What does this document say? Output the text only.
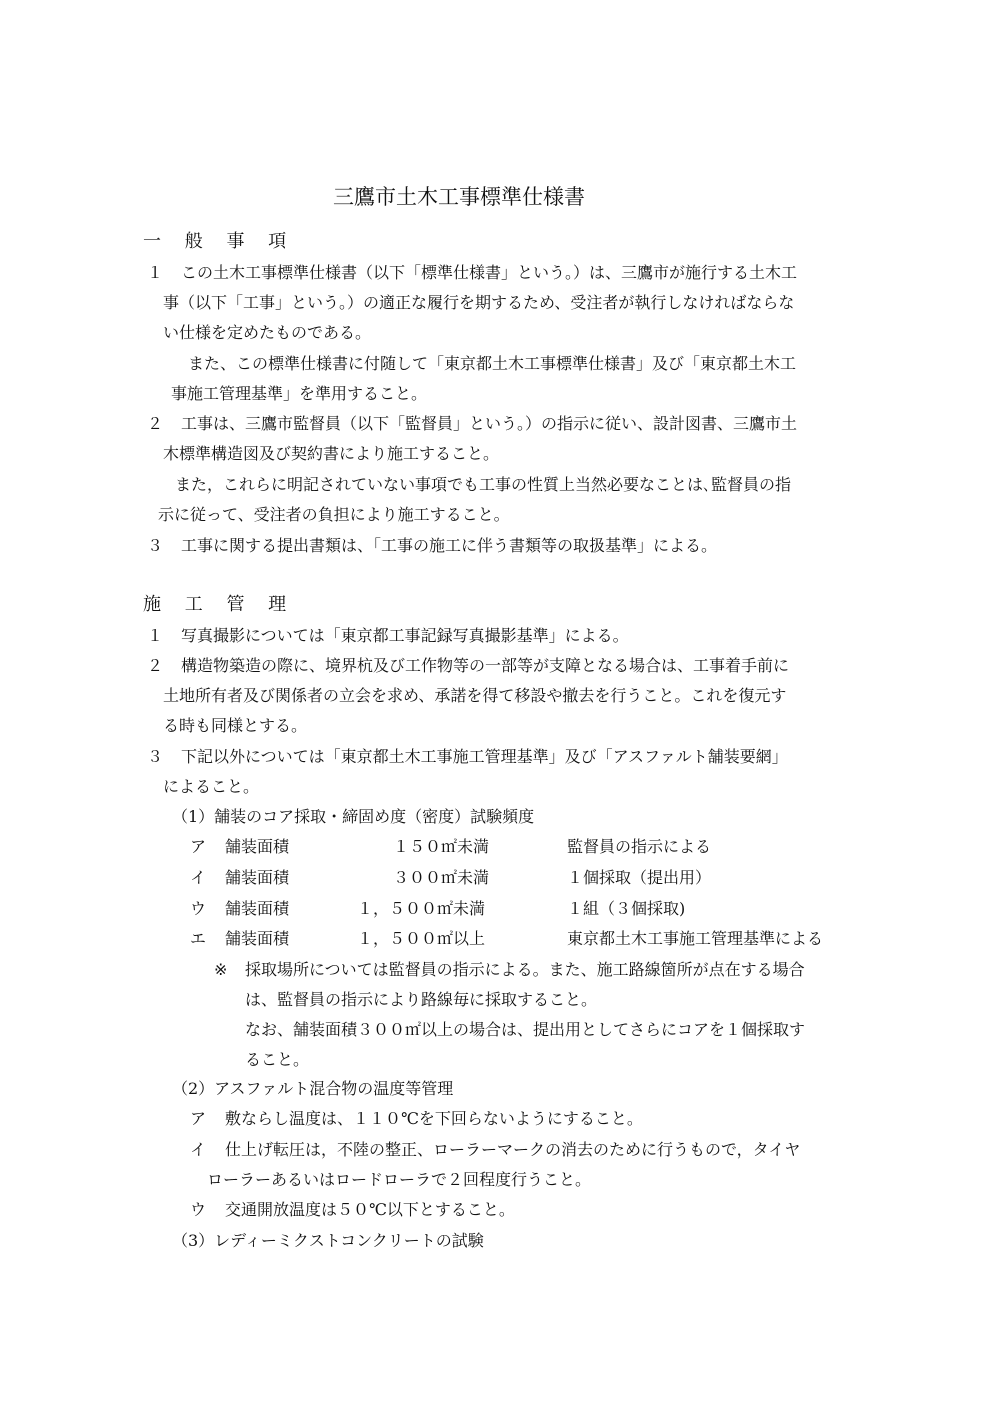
三鷹市土木工事標準仕様書
一 般 事 項
１ この土木工事標準仕様書（以下「標準仕様書」という。）は、三鷹市が施行する土木工
事（以下「工事」という。）の適正な履行を期するため、受注者が執行しなければならな
い仕様を定めたものである。
また、この標準仕様書に付随して「東京都土木工事標準仕様書」及び「東京都土木工
事施工管理基準」を準用すること。
２ 工事は、三鷹市監督員（以下「監督員」という。）の指示に従い、設計図書、三鷹市土
木標準構造図及び契約書により施工すること。
また，これらに明記されていない事項でも工事の性質上当然必要なことは､監督員の指
示に従って、受注者の負担により施工すること。
３ 工事に関する提出書類は、「工事の施工に伴う書類等の取扱基準」による。
施 工 管 理
１ 写真撮影については「東京都工事記録写真撮影基準」による。
２ 構造物築造の際に、境界杭及び工作物等の一部等が支障となる場合は、工事着手前に
土地所有者及び関係者の立会を求め、承諾を得て移設や撤去を行うこと。これを復元す
る時も同様とする。
３ 下記以外については「東京都土木工事施工管理基準」及び「アスファルト舗装要網」
によること。
（1）舗装のコア採取・締固め度（密度）試験頻度
ア 舗装面積	１５０㎡未満	監督員の指示による
イ 舗装面積	３００㎡未満	１個採取（提出用）
ウ 舗装面積	１，５００㎡未満	１組（３個採取)
エ 舗装面積	１，５００㎡以上	東京都土木工事施工管理基準による
※ 採取場所については監督員の指示による。また、施工路線箇所が点在する場合
は、監督員の指示により路線毎に採取すること。
なお、舗装面積３００㎡以上の場合は、提出用としてさらにコアを１個採取す
ること。
（2）アスファルト混合物の温度等管理
ア 敷ならし温度は、１１０℃を下回らないようにすること。
イ 仕上げ転圧は，不陸の整正、ローラーマークの消去のために行うもので，タイヤ
ローラーあるいはロードローラで２回程度行うこと。
ウ 交通開放温度は５０℃以下とすること。
（3）レディーミクストコンクリートの試験
